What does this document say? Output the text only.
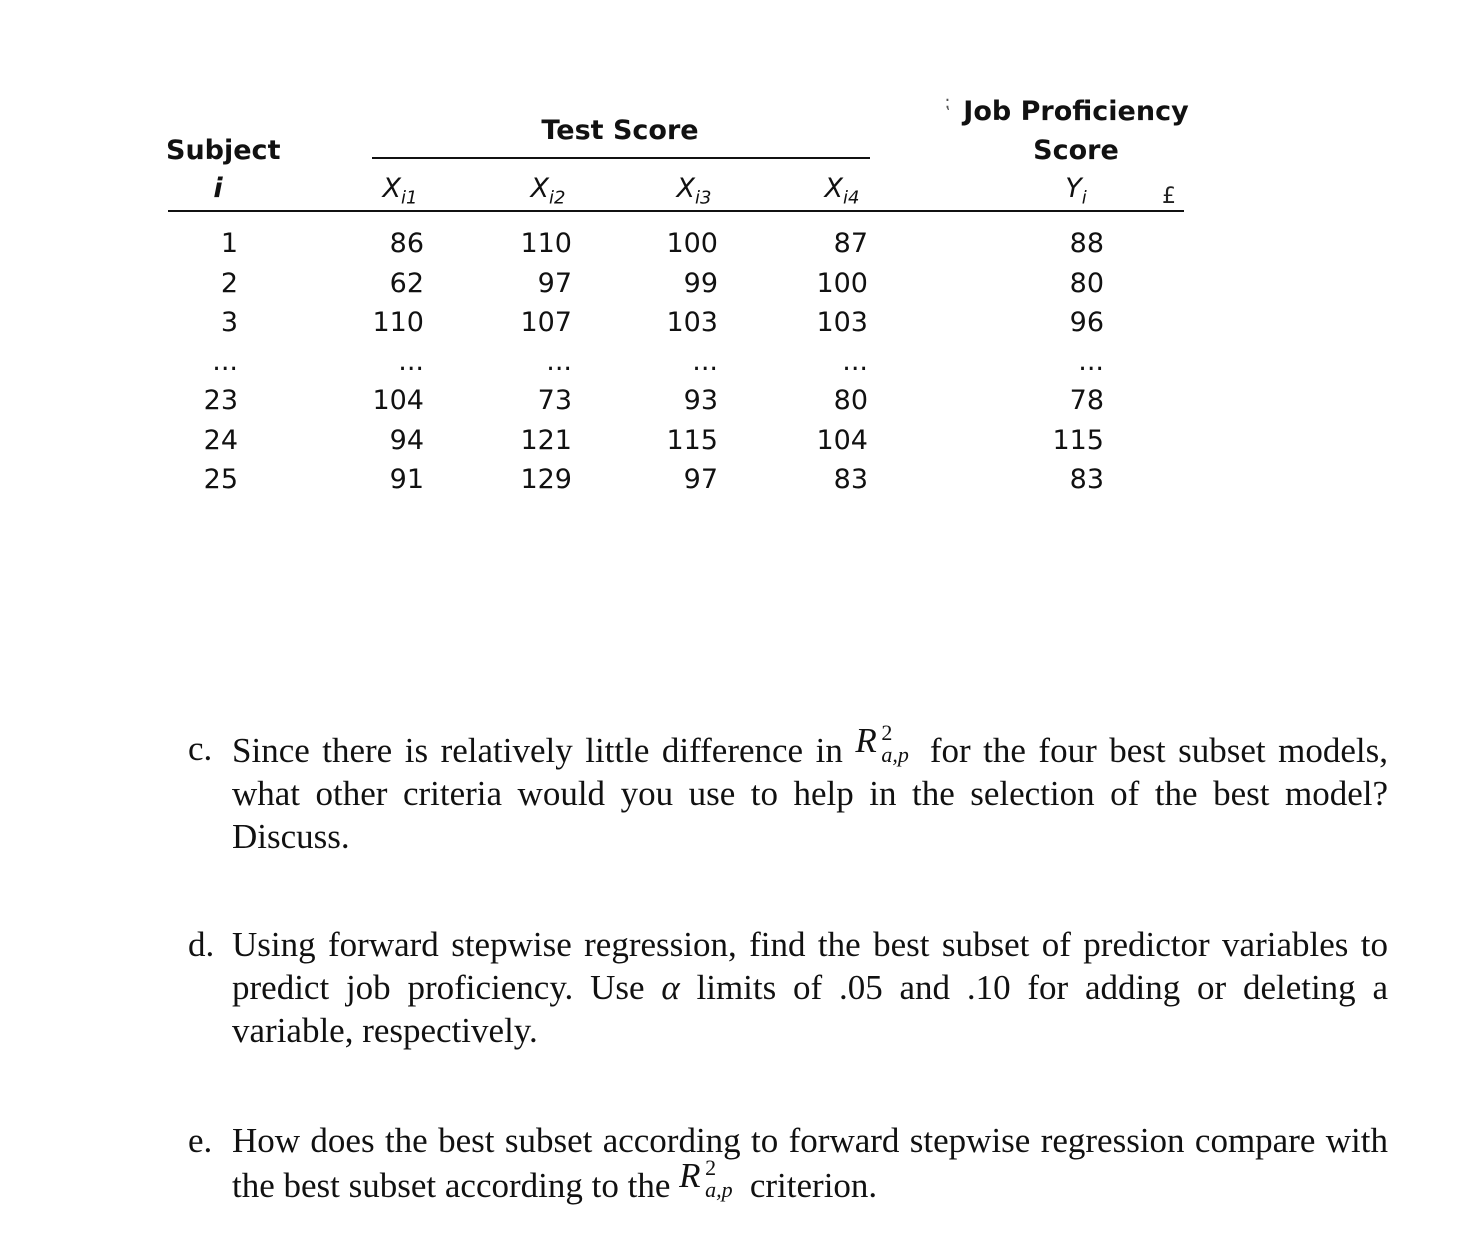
Subject
i
Test Score
Job Proficiency
Score
⁏
$X_{i1}$	$X_{i2}$	$X_{i3}$	$X_{i4}$	$Y_i$	£
1	86	110	100	87	88
2	62	97	99	100	80
3	110	107	103	103	96
...	...	...	...	...	...
23	104	73	93	80	78
24	94	121	115	104	115
25	91	129	97	83	83
c. Since there is relatively little difference in R 2
a,p for the four best subset models, what other criteria would you use to help in the selection of the best model? Discuss.
d. Using forward stepwise regression, find the best subset of predictor variables to predict job proficiency. Use α limits of .05 and .10 for adding or deleting a variable, respectively.
e. How does the best subset according to forward stepwise regression compare with the best subset according to the R 2
a,p criterion.
